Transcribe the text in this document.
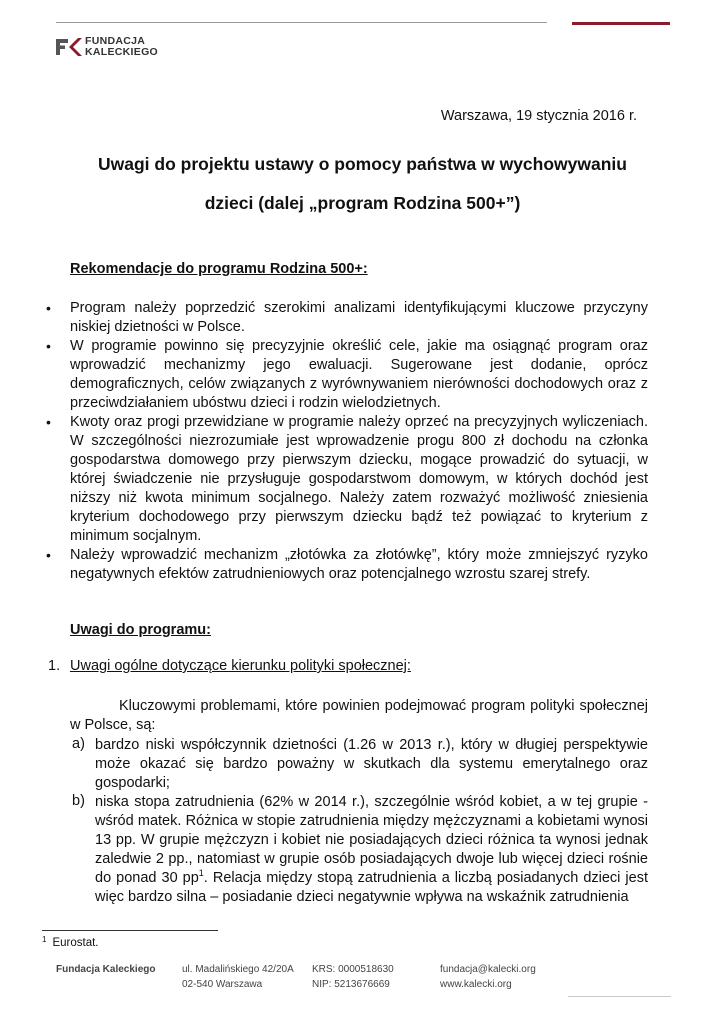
FUNDACJA
KALECKIEGO
Warszawa, 19 stycznia 2016 r.
Uwagi do projektu ustawy o pomocy państwa w wychowywaniu
dzieci (dalej „program Rodzina 500+”)
Rekomendacje do programu Rodzina 500+:
• Program należy poprzedzić szerokimi analizami identyfikującymi kluczowe przyczyny niskiej dzietności w Polsce.
• W programie powinno się precyzyjnie określić cele, jakie ma osiągnąć program oraz wprowadzić mechanizmy jego ewaluacji. Sugerowane jest dodanie, oprócz demograficznych, celów związanych z wyrównywaniem nierówności dochodowych oraz z przeciwdziałaniem ubóstwu dzieci i rodzin wielodzietnych.
• Kwoty oraz progi przewidziane w programie należy oprzeć na precyzyjnych wyliczeniach. W szczególności niezrozumiałe jest wprowadzenie progu 800 zł dochodu na członka gospodarstwa domowego przy pierwszym dziecku, mogące prowadzić do sytuacji, w której świadczenie nie przysługuje gospodarstwom domowym, w których dochód jest niższy niż kwota minimum socjalnego. Należy zatem rozważyć możliwość zniesienia kryterium dochodowego przy pierwszym dziecku bądź też powiązać to kryterium z minimum socjalnym.
• Należy wprowadzić mechanizm „złotówka za złotówkę”, który może zmniejszyć ryzyko negatywnych efektów zatrudnieniowych oraz potencjalnego wzrostu szarej strefy.
Uwagi do programu:
1. Uwagi ogólne dotyczące kierunku polityki społecznej:
Kluczowymi problemami, które powinien podejmować program polityki społecznej w Polsce, są:
a) bardzo niski współczynnik dzietności (1.26 w 2013 r.), który w długiej perspektywie może okazać się bardzo poważny w skutkach dla systemu emerytalnego oraz gospodarki;
b) niska stopa zatrudnienia (62% w 2014 r.), szczególnie wśród kobiet, a w tej grupie - wśród matek. Różnica w stopie zatrudnienia między mężczyznami a kobietami wynosi 13 pp. W grupie mężczyzn i kobiet nie posiadających dzieci różnica ta wynosi jednak zaledwie 2 pp., natomiast w grupie osób posiadających dwoje lub więcej dzieci rośnie do ponad 30 $pp^1$. Relacja między stopą zatrudnienia a liczbą posiadanych dzieci jest więc bardzo silna – posiadanie dzieci negatywnie wpływa na wskaźnik zatrudnienia
$^1$ Eurostat.
Fundacja Kaleckiego	ul. Madalińskiego 42/20A
02-540 Warszawa
KRS: 0000518630
NIP: 5213676669
fundacja@kalecki.org
www.kalecki.org
